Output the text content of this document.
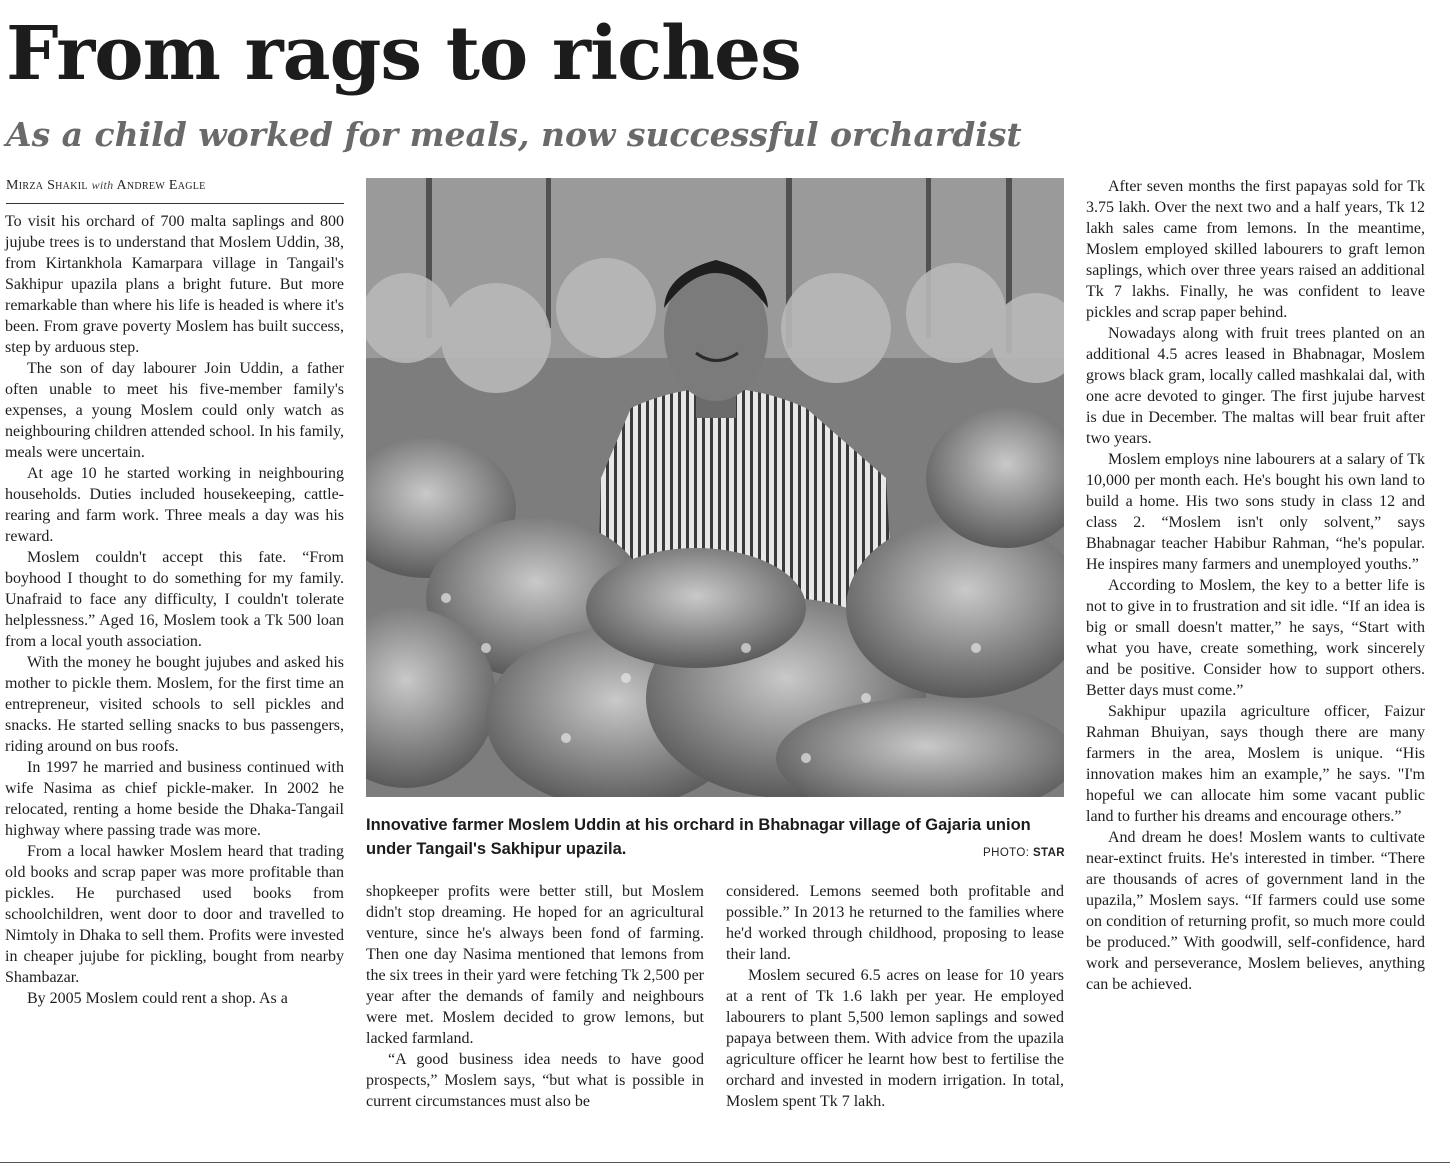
From rags to riches
As a child worked for meals, now successful orchardist
Mirza Shakil with Andrew Eagle

To visit his orchard of 700 malta saplings and 800 jujube trees is to understand that Moslem Uddin, 38, from Kirtankhola Kamarpara village in Tangail's Sakhipur upazila plans a bright future. But more remarkable than where his life is headed is where it's been. From grave poverty Moslem has built success, step by arduous step.

The son of day labourer Join Uddin, a father often unable to meet his five-member family's expenses, a young Moslem could only watch as neighbouring children attended school. In his family, meals were uncertain.

At age 10 he started working in neighbouring households. Duties included housekeeping, cattle-rearing and farm work. Three meals a day was his reward.

Moslem couldn't accept this fate. “From boyhood I thought to do something for my family. Unafraid to face any difficulty, I couldn't tolerate helplessness.” Aged 16, Moslem took a Tk 500 loan from a local youth association.

With the money he bought jujubes and asked his mother to pickle them. Moslem, for the first time an entrepreneur, visited schools to sell pickles and snacks. He started selling snacks to bus passengers, riding around on bus roofs.

In 1997 he married and business continued with wife Nasima as chief pickle-maker. In 2002 he relocated, renting a home beside the Dhaka-Tangail highway where passing trade was more.

From a local hawker Moslem heard that trading old books and scrap paper was more profitable than pickles. He purchased used books from schoolchildren, went door to door and travelled to Nimtoly in Dhaka to sell them. Profits were invested in cheaper jujube for pickling, bought from nearby Shambazar.

By 2005 Moslem could rent a shop. As a

Innovative farmer Moslem Uddin at his orchard in Bhabnagar village of Gajaria union under Tangail's Sakhipur upazila.	PHOTO: STAR

shopkeeper profits were better still, but Moslem didn't stop dreaming. He hoped for an agricultural venture, since he's always been fond of farming. Then one day Nasima mentioned that lemons from the six trees in their yard were fetching Tk 2,500 per year after the demands of family and neighbours were met. Moslem decided to grow lemons, but lacked farmland.

“A good business idea needs to have good prospects,” Moslem says, “but what is possible in current circumstances must also be

considered. Lemons seemed both profitable and possible.” In 2013 he returned to the families where he'd worked through childhood, proposing to lease their land.

Moslem secured 6.5 acres on lease for 10 years at a rent of Tk 1.6 lakh per year. He employed labourers to plant 5,500 lemon saplings and sowed papaya between them. With advice from the upazila agriculture officer he learnt how best to fertilise the orchard and invested in modern irrigation. In total, Moslem spent Tk 7 lakh.

After seven months the first papayas sold for Tk 3.75 lakh. Over the next two and a half years, Tk 12 lakh sales came from lemons. In the meantime, Moslem employed skilled labourers to graft lemon saplings, which over three years raised an additional Tk 7 lakhs. Finally, he was confident to leave pickles and scrap paper behind.

Nowadays along with fruit trees planted on an additional 4.5 acres leased in Bhabnagar, Moslem grows black gram, locally called mashkalai dal, with one acre devoted to ginger. The first jujube harvest is due in December. The maltas will bear fruit after two years.

Moslem employs nine labourers at a salary of Tk 10,000 per month each. He's bought his own land to build a home. His two sons study in class 12 and class 2. “Moslem isn't only solvent,” says Bhabnagar teacher Habibur Rahman, “he's popular. He inspires many farmers and unemployed youths.”

According to Moslem, the key to a better life is not to give in to frustration and sit idle. “If an idea is big or small doesn't matter,” he says, “Start with what you have, create something, work sincerely and be positive. Consider how to support others. Better days must come.”

Sakhipur upazila agriculture officer, Faizur Rahman Bhuiyan, says though there are many farmers in the area, Moslem is unique. “His innovation makes him an example,” he says. "I'm hopeful we can allocate him some vacant public land to further his dreams and encourage others.”

And dream he does! Moslem wants to cultivate near-extinct fruits. He's interested in timber. “There are thousands of acres of government land in the upazila,” Moslem says. “If farmers could use some on condition of returning profit, so much more could be produced.” With goodwill, self-confidence, hard work and perseverance, Moslem believes, anything can be achieved.
